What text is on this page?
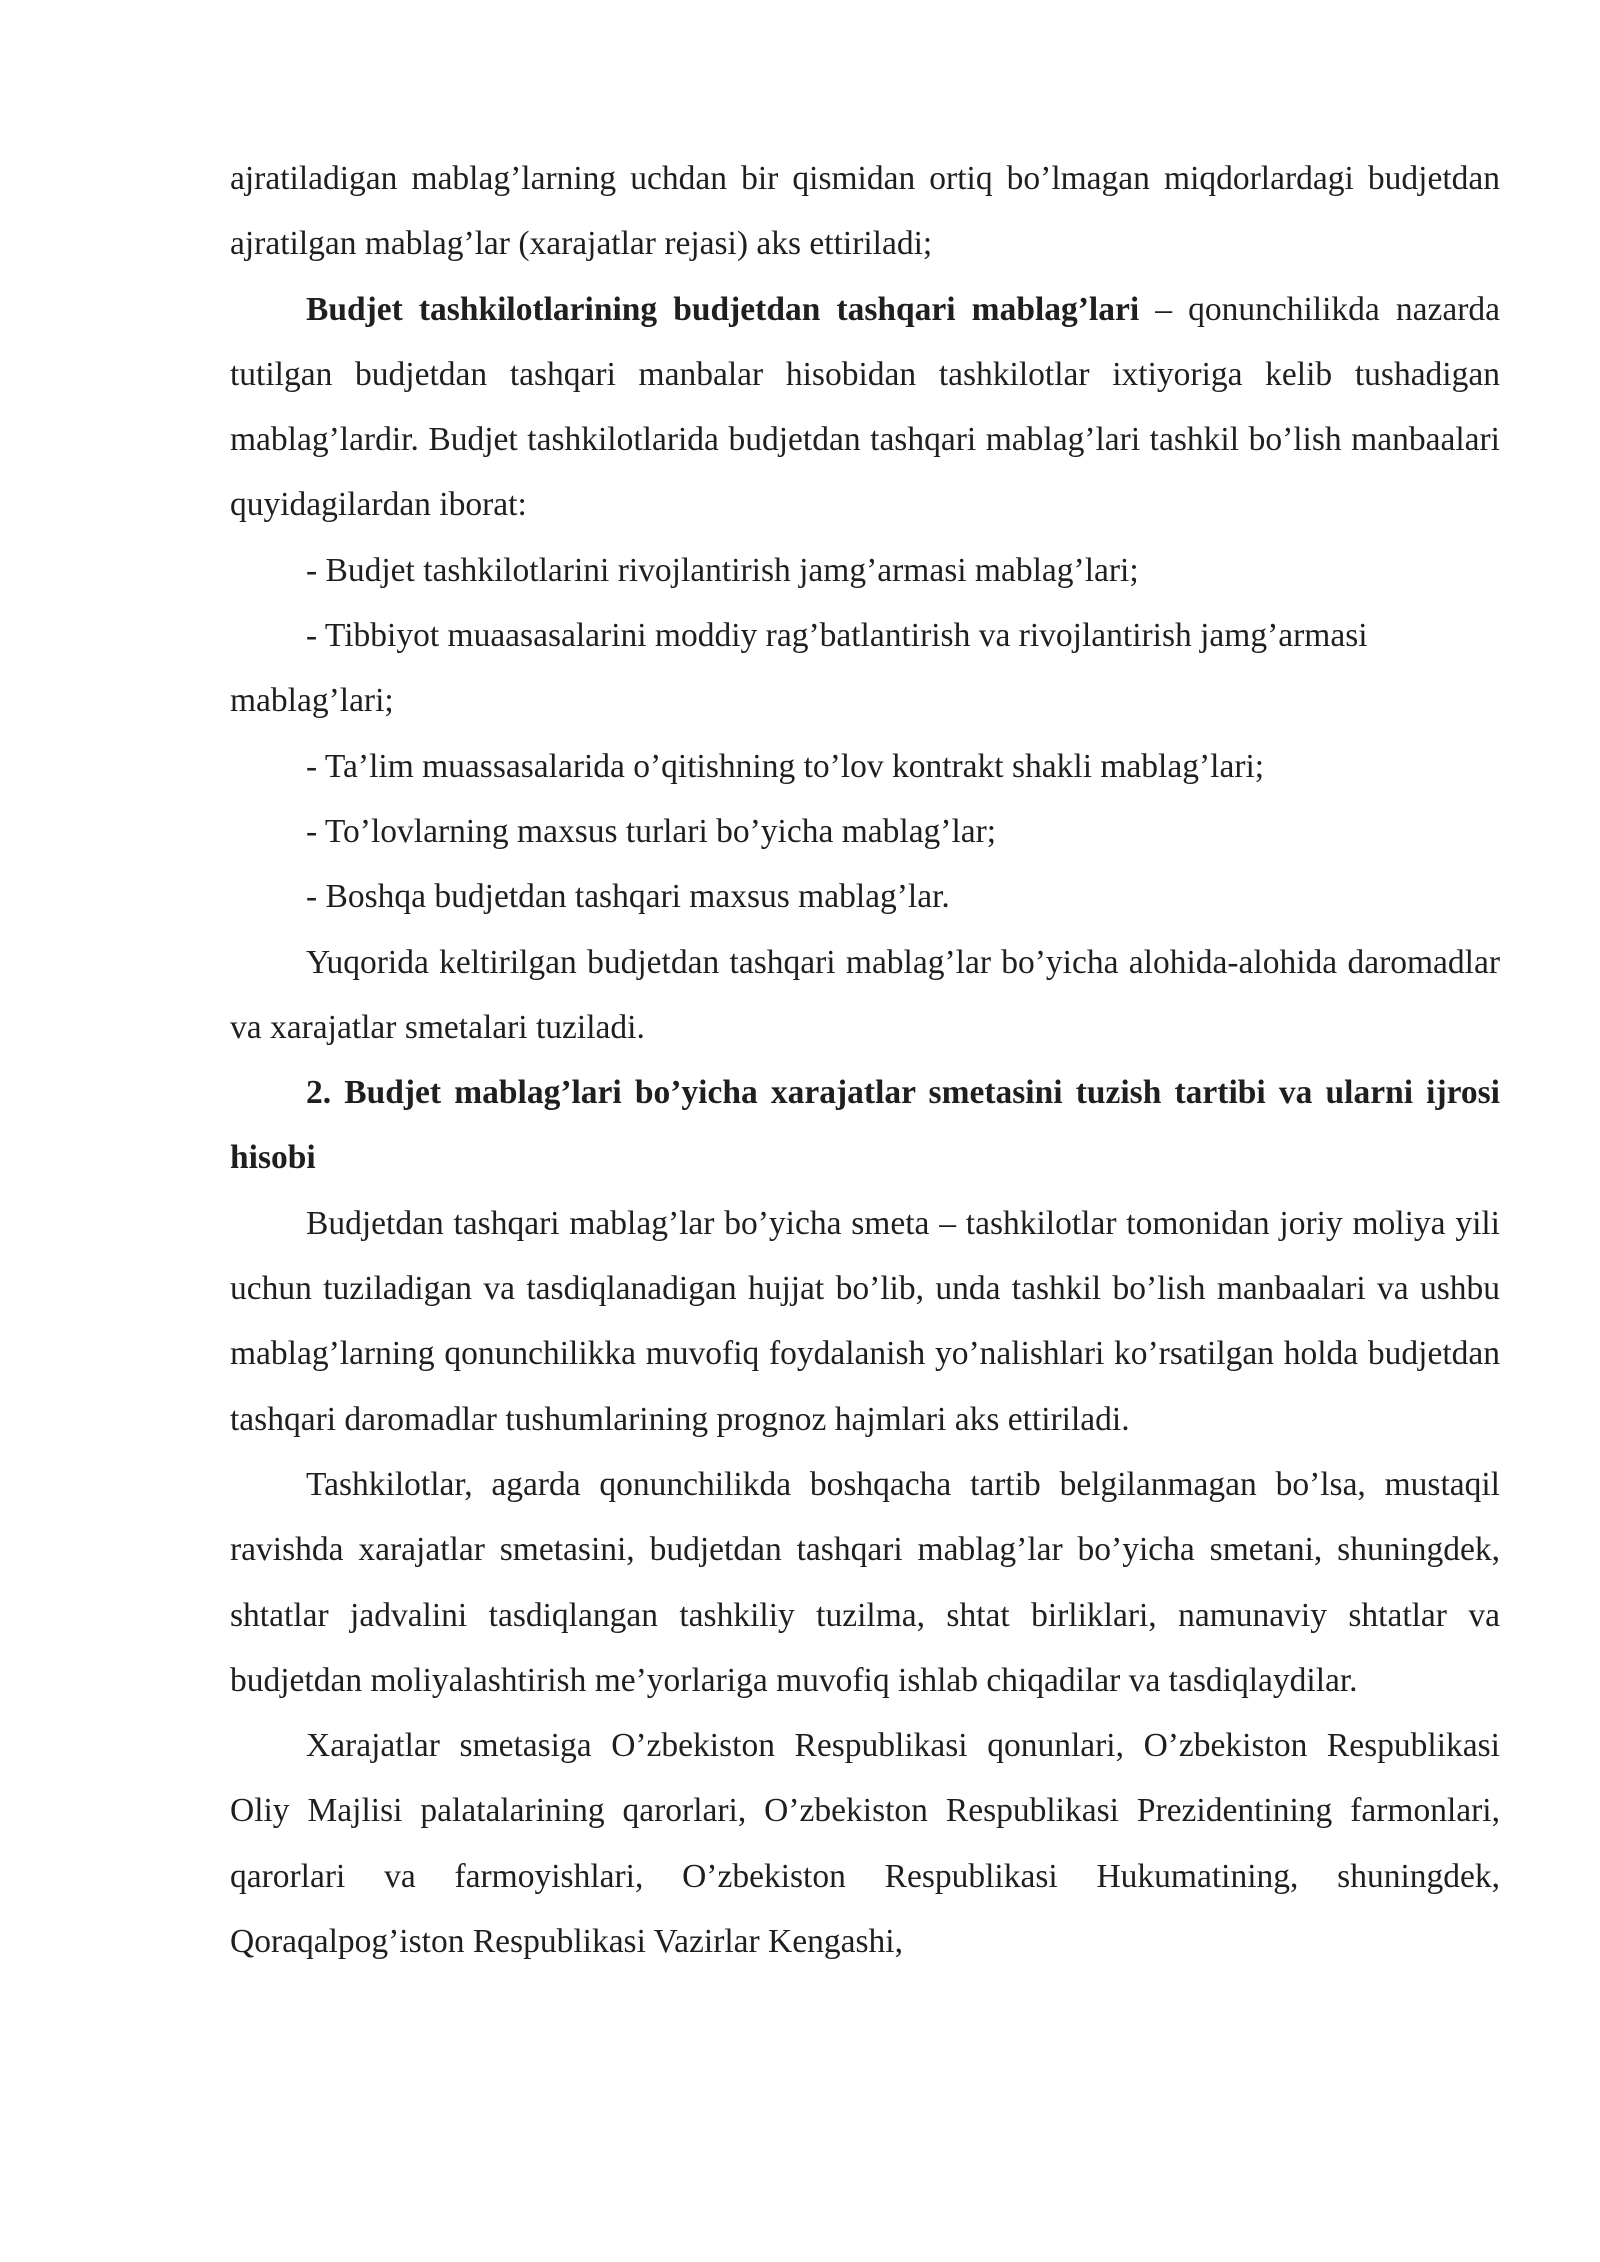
ajratiladigan mablag’larning uchdan bir qismidan ortiq bo’lmagan miqdorlardagi budjetdan ajratilgan mablag’lar (xarajatlar rejasi) aks ettiriladi;

Budjet tashkilotlarining budjetdan tashqari mablag’lari – qonunchilikda nazarda tutilgan budjetdan tashqari manbalar hisobidan tashkilotlar ixtiyoriga kelib tushadigan mablag’lardir. Budjet tashkilotlarida budjetdan tashqari mablag’lari tashkil bo’lish manbaalari quyidagilardan iborat:

- Budjet tashkilotlarini rivojlantirish jamg’armasi mablag’lari;

- Tibbiyot muaasasalarini moddiy rag’batlantirish va rivojlantirish jamg’armasi mablag’lari;

- Ta’lim muassasalarida o’qitishning to’lov kontrakt shakli mablag’lari;

- To’lovlarning maxsus turlari bo’yicha mablag’lar;

- Boshqa budjetdan tashqari maxsus mablag’lar.

Yuqorida keltirilgan budjetdan tashqari mablag’lar bo’yicha alohida-alohida daromadlar va xarajatlar smetalari tuziladi.

2. Budjet mablag’lari bo’yicha xarajatlar smetasini tuzish tartibi va ularni ijrosi hisobi

Budjetdan tashqari mablag’lar bo’yicha smeta – tashkilotlar tomonidan joriy moliya yili uchun tuziladigan va tasdiqlanadigan hujjat bo’lib, unda tashkil bo’lish manbaalari va ushbu mablag’larning qonunchilikka muvofiq foydalanish yo’nalishlari ko’rsatilgan holda budjetdan tashqari daromadlar tushumlarining prognoz hajmlari aks ettiriladi.

Tashkilotlar, agarda qonunchilikda boshqacha tartib belgilanmagan bo’lsa, mustaqil ravishda xarajatlar smetasini, budjetdan tashqari mablag’lar bo’yicha smetani, shuningdek, shtatlar jadvalini tasdiqlangan tashkiliy tuzilma, shtat birliklari, namunaviy shtatlar va budjetdan moliyalashtirish me’yorlariga muvofiq ishlab chiqadilar va tasdiqlaydilar.

Xarajatlar smetasiga O’zbekiston Respublikasi qonunlari, O’zbekiston Respublikasi Oliy Majlisi palatalarining qarorlari, O’zbekiston Respublikasi Prezidentining farmonlari, qarorlari va farmoyishlari, O’zbekiston Respublikasi Hukumatining, shuningdek, Qoraqalpog’iston Respublikasi Vazirlar Kengashi,
